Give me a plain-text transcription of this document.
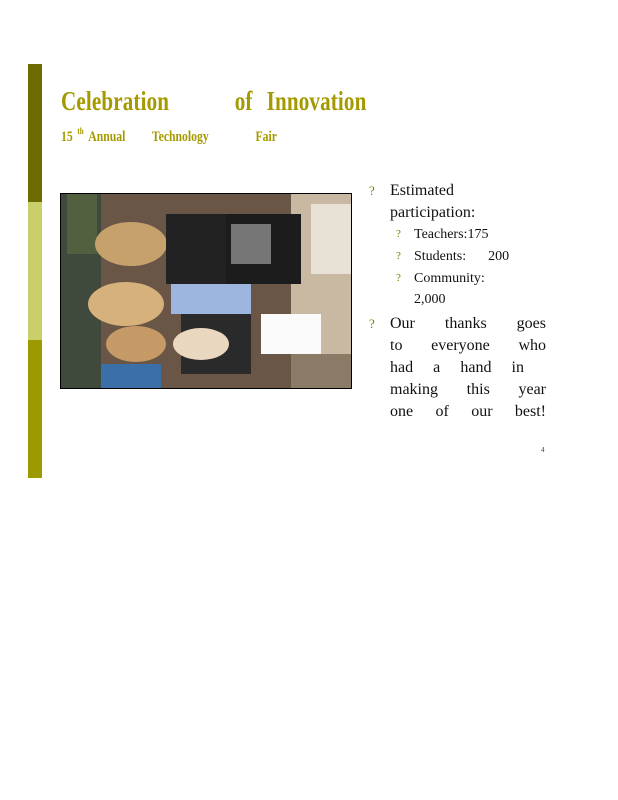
Celebration of Innovation
15 $^{th}$ Annual Technology	Fair
? Estimated
participation:
? Teachers:175
? Students: 200
? Community:
2,000
? Our thanks goes
to everyone who
had a hand in
making this year
one of our best!
4
